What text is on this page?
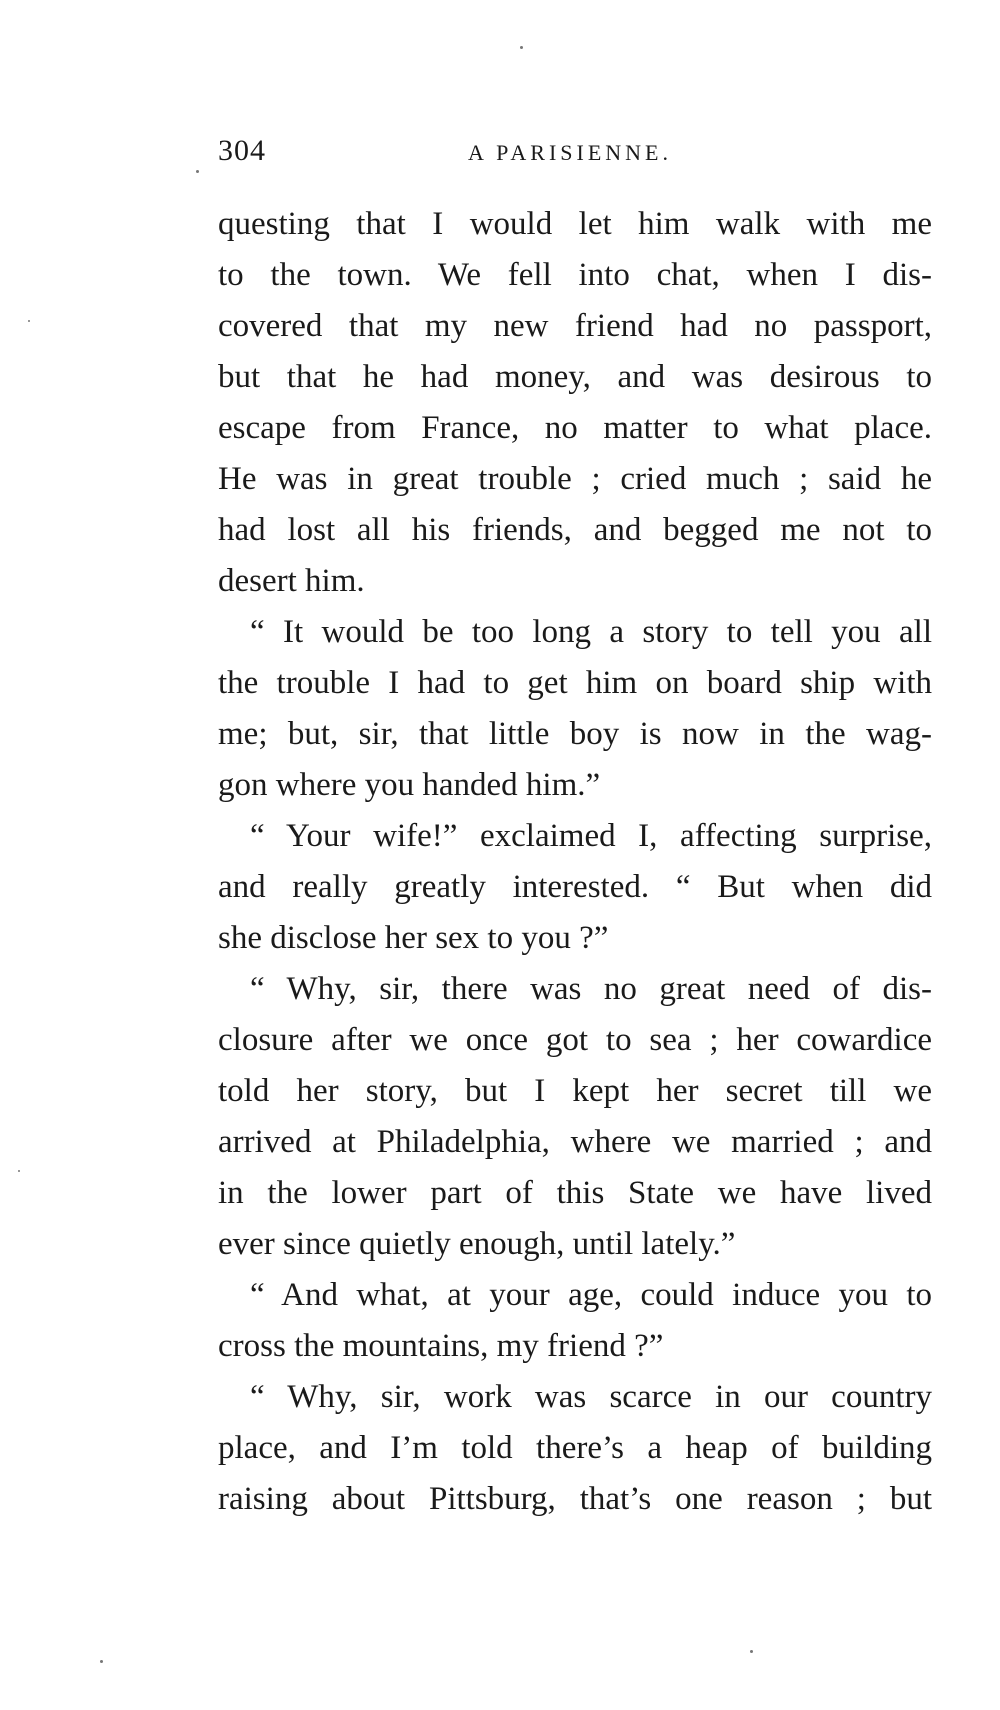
304	A PARISIENNE.
questing that I would let him walk with me
to the town. We fell into chat, when I dis-
covered that my new friend had no passport,
but that he had money, and was desirous to
escape from France, no matter to what place.
He was in great trouble ; cried much ; said he
had lost all his friends, and begged me not to
desert him.
“ It would be too long a story to tell you all
the trouble I had to get him on board ship with
me; but, sir, that little boy is now in the wag-
gon where you handed him.”
“ Your wife!” exclaimed I, affecting surprise,
and really greatly interested. “ But when did
she disclose her sex to you ?”
“ Why, sir, there was no great need of dis-
closure after we once got to sea ; her cowardice
told her story, but I kept her secret till we
arrived at Philadelphia, where we married ; and
in the lower part of this State we have lived
ever since quietly enough, until lately.”
“ And what, at your age, could induce you to
cross the mountains, my friend ?”
“ Why, sir, work was scarce in our country
place, and I’m told there’s a heap of building
raising about Pittsburg, that’s one reason ; but
